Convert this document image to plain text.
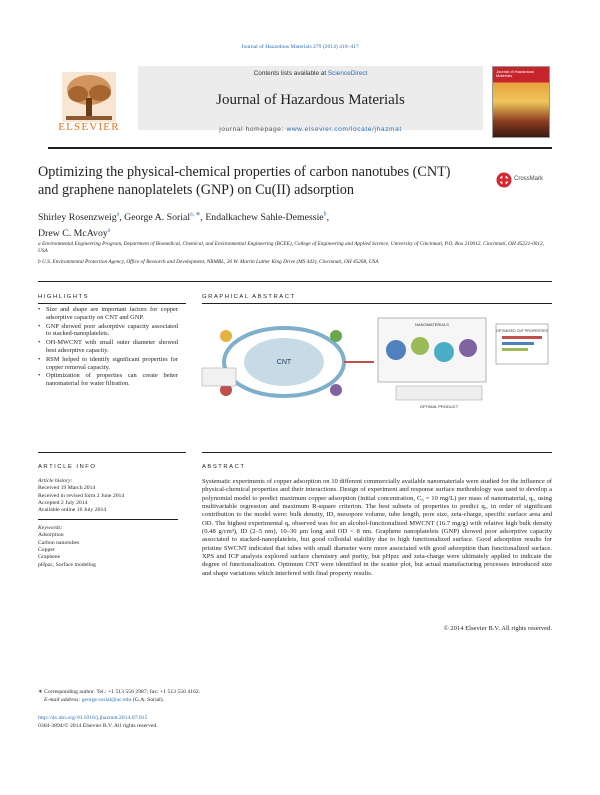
Journal of Hazardous Materials 279 (2014) 410–417
ELSEVIER
Contents lists available at ScienceDirect
Journal of Hazardous Materials
journal homepage: www.elsevier.com/locate/jhazmat
Journal of Hazardous Materials
Optimizing the physical-chemical properties of carbon nanotubes (CNT) and graphene nanoplatelets (GNP) on Cu(II) adsorption
CrossMark
Shirley Rosenzweig$^a$, George A. Sorial$^{a, ∗}$, Endalkachew Sahle-Demessie$^b$,
Drew C. McAvoy$^a$
a Environmental Engineering Program, Department of Biomedical, Chemical, and Environmental Engineering (BCEE), College of Engineering and Applied Science, University of Cincinnati, P.O. Box 210012, Cincinnati, OH 45221-0012, USA
b U.S. Environmental Protection Agency, Office of Research and Development, NRMRL, 26 W. Martin Luther King Drive (MS 443), Cincinnati, OH 45268, USA
HIGHLIGHTS	GRAPHICAL ABSTRACT
• Size and shape are important factors for copper adsorptive capacity on CNT and GNP.
• GNP showed poor adsorptive capacity associated to stacked-nanoplatelets.
• OH-MWCNT with small outer diameter showed best adsorptive capacity.
• RSM helped to identify significant properties for copper removal capacity.
• Optimization of properties can create better nanomaterial for water filtration.
CNT
NANOMATERIALS
OPTIMIZED CNT PROPERTIES
OPTIMAL PRODUCT
ARTICLE INFO	ABSTRACT
Article history:
Received 19 March 2014
Received in revised form 2 June 2014
Accepted 2 July 2014
Available online 16 July 2014
Keywords:
Adsorption
Carbon nanotubes
Copper
Graphene
pHpzc, Surface modeling
Systematic experiments of copper adsorption on 10 different commercially available nanomaterials were studied for the influence of physical-chemical properties and their interactions. Design of experiment and response surface methodology was used to develop a polynomial model to predict maximum copper adsorption (initial concentration, C₀ = 10 mg/L) per mass of nanomaterial, qₑ, using multivariable regression and maximum R-square criterion. The best subsets of properties to predict qₑ, in order of significant contribution to the model were: bulk density, ID, mesopore volume, tube length, pore size, zeta-charge, specific surface area and OD. The highest experimental qₑ observed was for an alcohol-functionalized MWCNT (16.7 mg/g) with relative high bulk density (0.48 g/cm³), ID (2–5 nm), 10–30 μm long and OD < 8 nm. Graphene nanoplatelets (GNP) showed poor adsorptive capacity associated to stacked-nanoplatelets, but good colloidal stability due to high functionalized surface. Good adsorption results for pristine SWCNT indicated that tubes with small diameter were more associated with good adsorption than functionalized surface. XPS and ICP analysis explored surface chemistry and purity, but pHpzc and zeta-charge were ultimately applied to indicate the degree of functionalization. Optimum CNT were identified in the scatter plot, but actual manufacturing processes introduced size and shape variations which interfered with final property results.
© 2014 Elsevier B.V. All rights reserved.
∗ Corresponding author. Tel.: +1 513 556 2987; fax: +1 513 556 4162.
E-mail address: george.sorial@uc.edu (G.A. Sorial).
http://dx.doi.org/10.1016/j.jhazmat.2014.07.015
0304-3894/© 2014 Elsevier B.V. All rights reserved.
